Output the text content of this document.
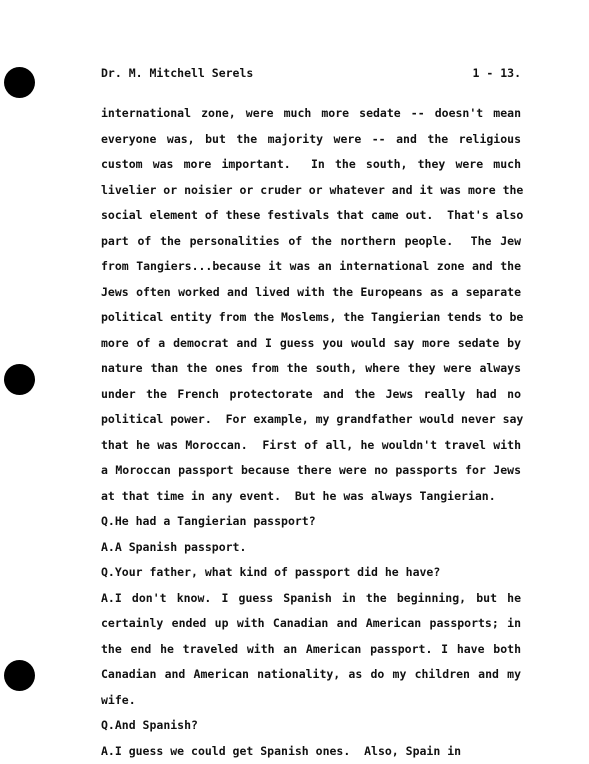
Dr. M. Mitchell Serels	1 - 13.
international zone, were much more sedate -- doesn't mean
everyone was, but the majority were -- and the religious
custom was more important.  In the south, they were much
livelier or noisier or cruder or whatever and it was more the
social element of these festivals that came out.  That's also
part of the personalities of the northern people.  The Jew
from Tangiers...because it was an international zone and the
Jews often worked and lived with the Europeans as a separate
political entity from the Moslems, the Tangierian tends to be
more of a democrat and I guess you would say more sedate by
nature than the ones from the south, where they were always
under the French protectorate and the Jews really had no
political power.  For example, my grandfather would never say
that he was Moroccan.  First of all, he wouldn't travel with
a Moroccan passport because there were no passports for Jews
at that time in any event.  But he was always Tangierian.
Q.He had a Tangierian passport?
A.A Spanish passport.
Q.Your father, what kind of passport did he have?
A.I don't know. I guess Spanish in the beginning, but he
certainly ended up with Canadian and American passports; in
the end he traveled with an American passport. I have both
Canadian and American nationality, as do my children and my
wife.
Q.And Spanish?
A.I guess we could get Spanish ones.  Also, Spain in
